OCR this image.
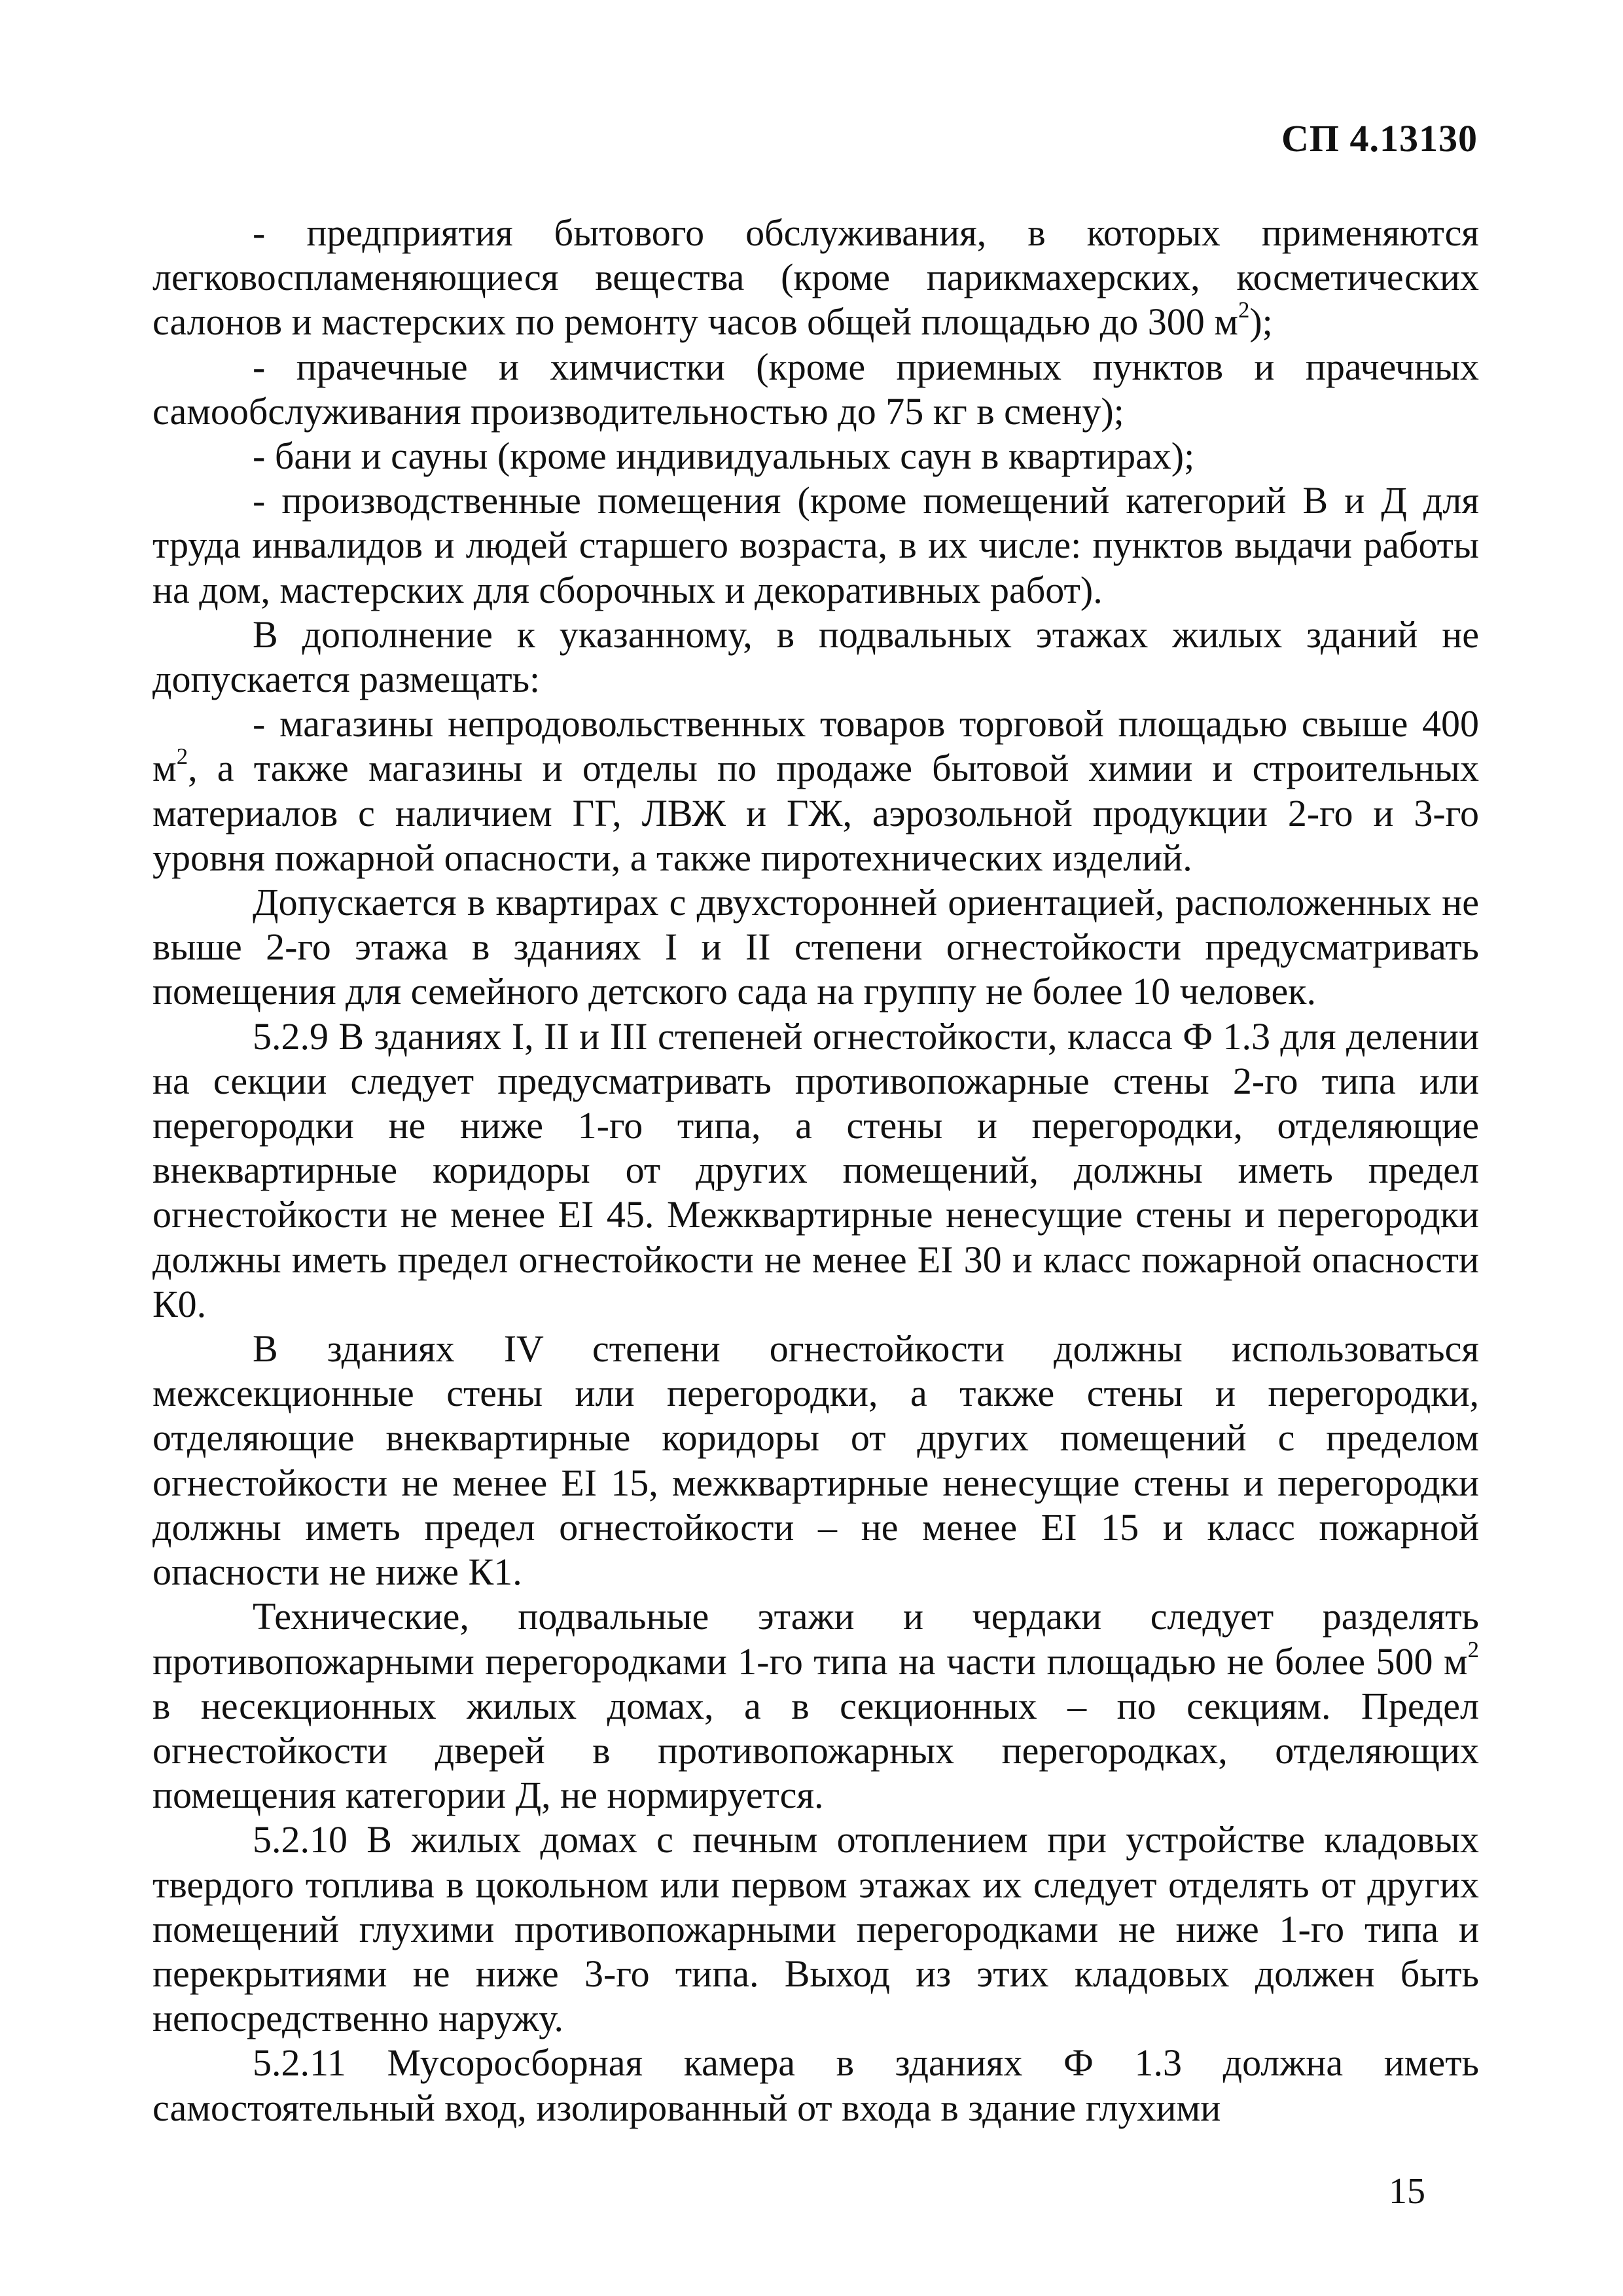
СП 4.13130

- предприятия бытового обслуживания, в которых применяются легковоспламеняющиеся вещества (кроме парикмахерских, косметических салонов и мастерских по ремонту часов общей площадью до 300 $м^2$);

- прачечные и химчистки (кроме приемных пунктов и прачечных самообслуживания производительностью до 75 кг в смену);

- бани и сауны (кроме индивидуальных саун в квартирах);

- производственные помещения (кроме помещений категорий В и Д для труда инвалидов и людей старшего возраста, в их числе: пунктов выдачи работы на дом, мастерских для сборочных и декоративных работ).

В дополнение к указанному, в подвальных этажах жилых зданий не допускается размещать:

- магазины непродовольственных товаров торговой площадью свыше 400 $м^2$, а также магазины и отделы по продаже бытовой химии и строительных материалов с наличием ГГ, ЛВЖ и ГЖ, аэрозольной продукции 2-го и 3-го уровня пожарной опасности, а также пиротехнических изделий.

Допускается в квартирах с двухсторонней ориентацией, расположенных не выше 2-го этажа в зданиях I и II степени огнестойкости предусматривать помещения для семейного детского сада на группу не более 10 человек.

5.2.9 В зданиях I, II и III степеней огнестойкости, класса Ф 1.3 для делении на секции следует предусматривать противопожарные стены 2-го типа или перегородки не ниже 1-го типа, а стены и перегородки, отделяющие внеквартирные коридоры от других помещений, должны иметь предел огнестойкости не менее EI 45. Межквартирные ненесущие стены и перегородки должны иметь предел огнестойкости не менее EI 30 и класс пожарной опасности К0.

В зданиях IV степени огнестойкости должны использоваться межсекционные стены или перегородки, а также стены и перегородки, отделяющие внеквартирные коридоры от других помещений с пределом огнестойкости не менее EI 15, межквартирные ненесущие стены и перегородки должны иметь предел огнестойкости – не менее EI 15 и класс пожарной опасности не ниже К1.

Технические, подвальные этажи и чердаки следует разделять противопожарными перегородками 1-го типа на части площадью не более 500 $м^2$ в несекционных жилых домах, а в секционных – по секциям. Предел огнестойкости дверей в противопожарных перегородках, отделяющих помещения категории Д, не нормируется.

5.2.10 В жилых домах с печным отоплением при устройстве кладовых твердого топлива в цокольном или первом этажах их следует отделять от других помещений глухими противопожарными перегородками не ниже 1-го типа и перекрытиями не ниже 3-го типа. Выход из этих кладовых должен быть непосредственно наружу.

5.2.11 Мусоросборная камера в зданиях Ф 1.3 должна иметь самостоятельный вход, изолированный от входа в здание глухими

15
